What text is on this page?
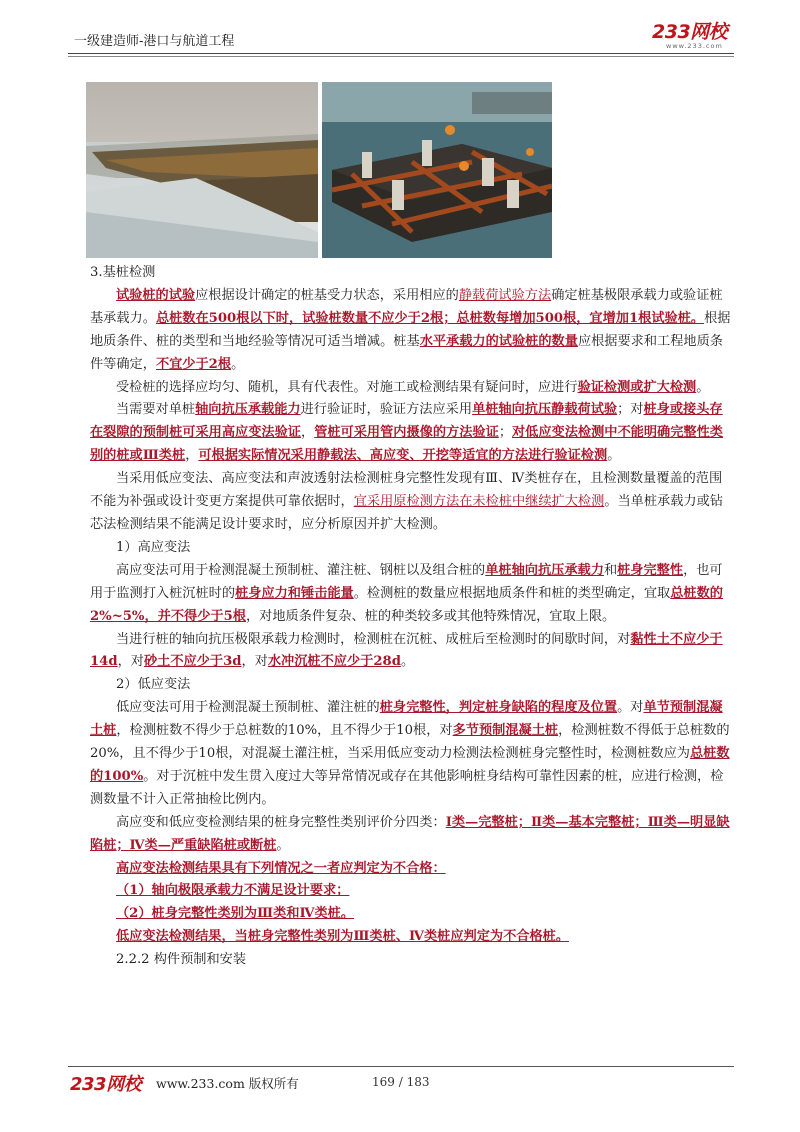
一级建造师-港口与航道工程	233网校
www.233.com

3.基桩检测

试验桩的试验应根据设计确定的桩基受力状态，采用相应的静载荷试验方法确定桩基极限承载力或验证桩基承载力。总桩数在500根以下时，试验桩数量不应少于2根；总桩数每增加500根，宜增加1根试验桩。根据地质条件、桩的类型和当地经验等情况可适当增减。桩基水平承载力的试验桩的数量应根据要求和工程地质条件等确定，不宜少于2根。

受检桩的选择应均匀、随机，具有代表性。对施工或检测结果有疑问时，应进行验证检测或扩大检测。

当需要对单桩轴向抗压承载能力进行验证时，验证方法应采用单桩轴向抗压静载荷试验；对桩身或接头存在裂隙的预制桩可采用高应变法验证，管桩可采用管内摄像的方法验证；对低应变法检测中不能明确完整性类别的桩或Ⅲ类桩，可根据实际情况采用静载法、高应变、开挖等适宜的方法进行验证检测。

当采用低应变法、高应变法和声波透射法检测桩身完整性发现有Ⅲ、Ⅳ类桩存在，且检测数量覆盖的范围不能为补强或设计变更方案提供可靠依据时，宜采用原检测方法在未检桩中继续扩大检测。当单桩承载力或钻芯法检测结果不能满足设计要求时，应分析原因并扩大检测。

1）高应变法

高应变法可用于检测混凝土预制桩、灌注桩、钢桩以及组合桩的单桩轴向抗压承载力和桩身完整性，也可用于监测打入桩沉桩时的桩身应力和锤击能量。检测桩的数量应根据地质条件和桩的类型确定，宜取总桩数的2%~5%，并不得少于5根，对地质条件复杂、桩的种类较多或其他特殊情况，宜取上限。

当进行桩的轴向抗压极限承载力检测时，检测桩在沉桩、成桩后至检测时的间歇时间，对黏性土不应少于14d，对砂土不应少于3d，对水冲沉桩不应少于28d。

2）低应变法

低应变法可用于检测混凝土预制桩、灌注桩的桩身完整性，判定桩身缺陷的程度及位置。对单节预制混凝土桩，检测桩数不得少于总桩数的10%，且不得少于10根，对多节预制混凝土桩，检测桩数不得低于总桩数的20%，且不得少于10根，对混凝土灌注桩，当采用低应变动力检测法检测桩身完整性时，检测桩数应为总桩数的100%。对于沉桩中发生贯入度过大等异常情况或存在其他影响桩身结构可靠性因素的桩，应进行检测，检测数量不计入正常抽检比例内。

高应变和低应变检测结果的桩身完整性类别评价分四类：Ⅰ类—完整桩；Ⅱ类—基本完整桩；Ⅲ类—明显缺陷桩；Ⅳ类—严重缺陷桩或断桩。

高应变法检测结果具有下列情况之一者应判定为不合格：

（1）轴向极限承载力不满足设计要求；

（2）桩身完整性类别为Ⅲ类和Ⅳ类桩。

低应变法检测结果，当桩身完整性类别为Ⅲ类桩、Ⅳ类桩应判定为不合格桩。

2.2.2 构件预制和安装

233网校 www.233.com 版权所有	169 / 183
